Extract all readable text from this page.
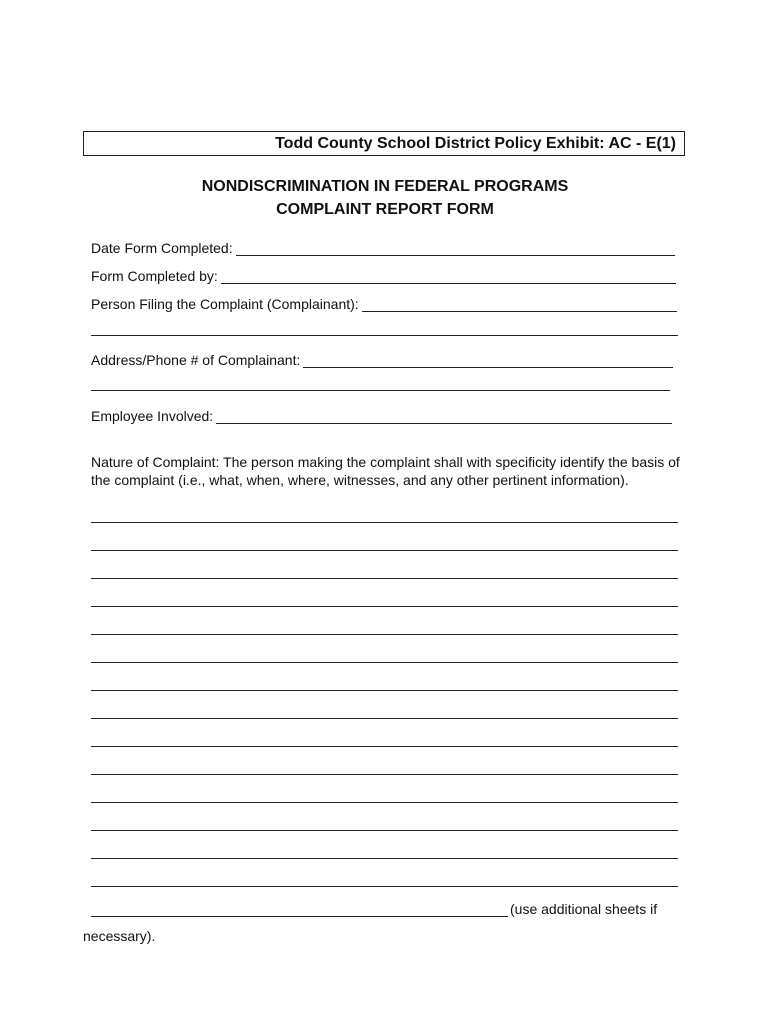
Todd County School District Policy Exhibit: AC - E(1)
NONDISCRIMINATION IN FEDERAL PROGRAMS
COMPLAINT REPORT FORM
Date Form Completed:
Form Completed by:
Person Filing the Complaint (Complainant):
Address/Phone # of Complainant:
Employee Involved:
Nature of Complaint: The person making the complaint shall with specificity identify the basis of the complaint (i.e., what, when, where, witnesses, and any other pertinent information).
(use additional sheets if
necessary).
